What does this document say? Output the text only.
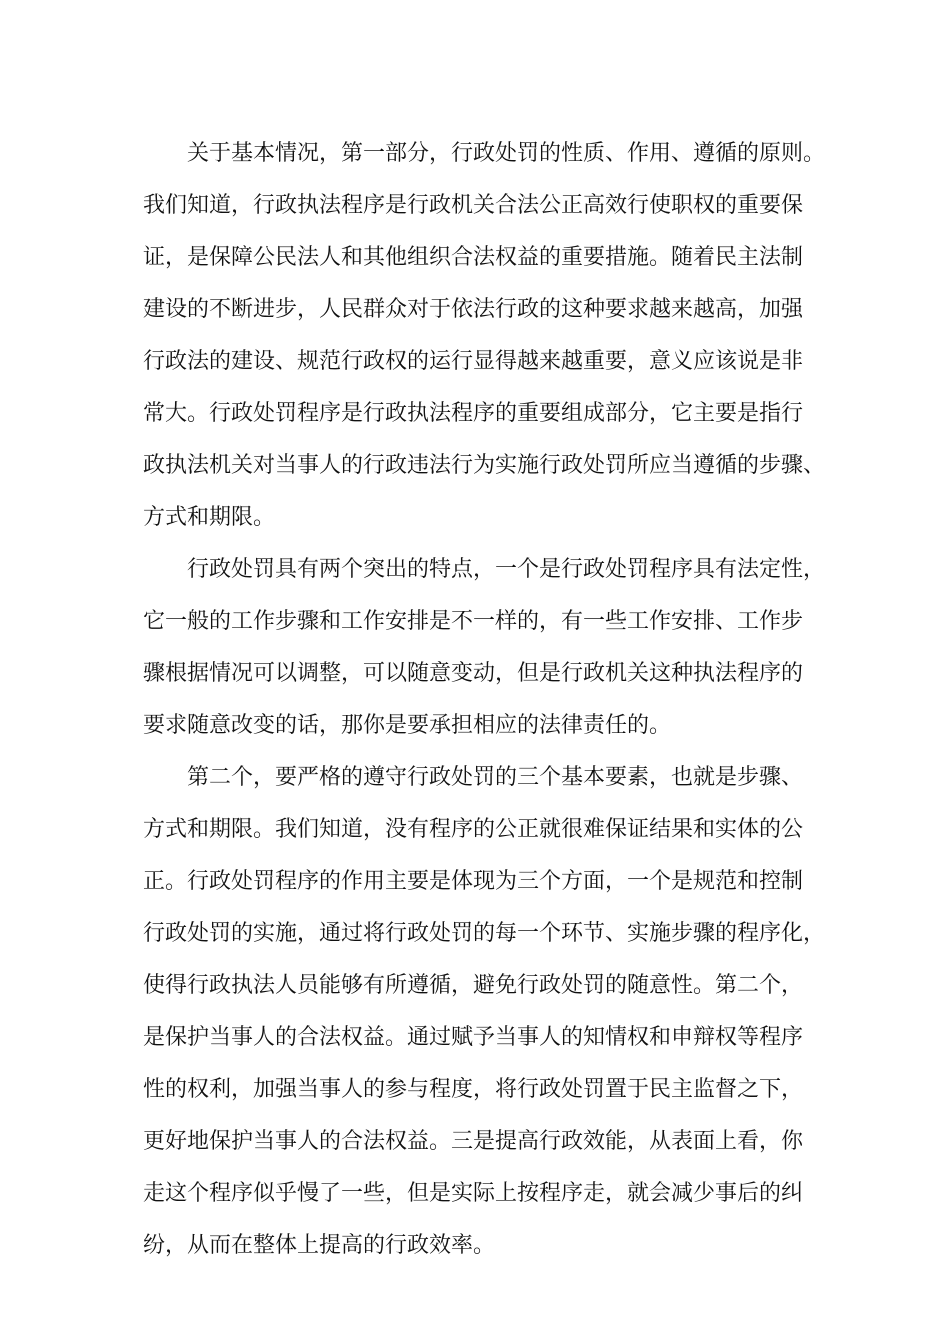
关于基本情况，第一部分，行政处罚的性质、作用、遵循的原则。
我们知道，行政执法程序是行政机关合法公正高效行使职权的重要保
证，是保障公民法人和其他组织合法权益的重要措施。随着民主法制
建设的不断进步，人民群众对于依法行政的这种要求越来越高，加强
行政法的建设、规范行政权的运行显得越来越重要，意义应该说是非
常大。行政处罚程序是行政执法程序的重要组成部分，它主要是指行
政执法机关对当事人的行政违法行为实施行政处罚所应当遵循的步骤、
方式和期限。
行政处罚具有两个突出的特点，一个是行政处罚程序具有法定性，
它一般的工作步骤和工作安排是不一样的，有一些工作安排、工作步
骤根据情况可以调整，可以随意变动，但是行政机关这种执法程序的
要求随意改变的话，那你是要承担相应的法律责任的。
第二个，要严格的遵守行政处罚的三个基本要素，也就是步骤、
方式和期限。我们知道，没有程序的公正就很难保证结果和实体的公
正。行政处罚程序的作用主要是体现为三个方面，一个是规范和控制
行政处罚的实施，通过将行政处罚的每一个环节、实施步骤的程序化，
使得行政执法人员能够有所遵循，避免行政处罚的随意性。第二个，
是保护当事人的合法权益。通过赋予当事人的知情权和申辩权等程序
性的权利，加强当事人的参与程度，将行政处罚置于民主监督之下，
更好地保护当事人的合法权益。三是提高行政效能，从表面上看，你
走这个程序似乎慢了一些，但是实际上按程序走，就会减少事后的纠
纷，从而在整体上提高的行政效率。
